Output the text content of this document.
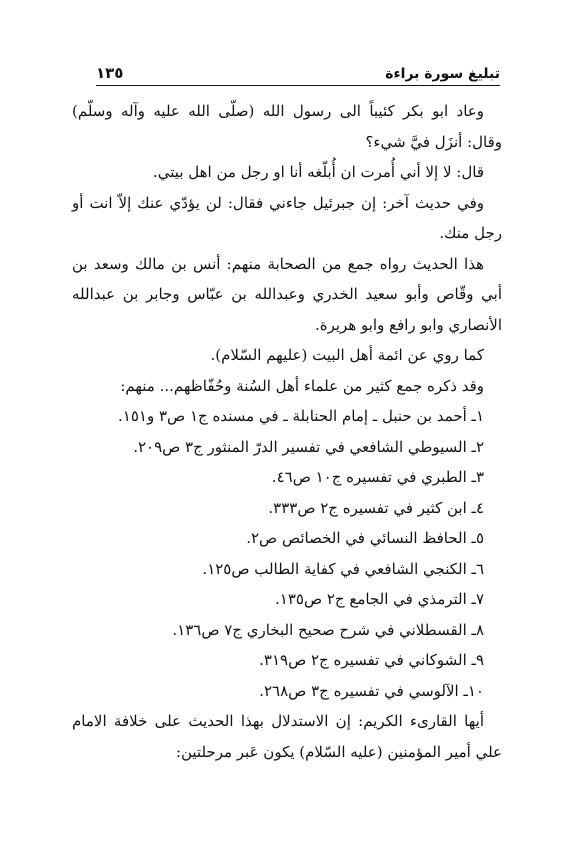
تبليغ سورة براءة
١٣٥

وعاد ابو بكر كئيباً الى رسول الله (صلّى الله عليه وآله وسلّم) وقال: أنزَل فيَّ شيء؟

قال: لا إلا أني أُمرت ان أُبلّغه أنا او رجل من اهل بيتي.

وفي حديث آخر: إن جبرئيل جاءني فقال: لن يؤدّي عنك إلاّ انت أو رجل منك.

هذا الحديث رواه جمع من الصحابة منهم: أنس بن مالك وسعد بن أبي وقّاص وأبو سعيد الخدري وعبدالله بن عبّاس وجابر بن عبدالله الأنصاري وابو رافع وابو هريرة.

كما روي عن ائمة أهل البيت (عليهم السّلام).

وقد ذكره جمع كثير من علماء أهل السُنة وحُفّاظهم... منهم:

١ـ أحمد بن حنبل ـ إمام الحنابلة ـ في مسنده ج١ ص٣ و١٥١.
٢ـ السيوطي الشافعي في تفسير الدرّ المنثور ج٣ ص٢٠٩.
٣ـ الطبري في تفسيره ج١٠ ص٤٦.
٤ـ ابن كثير في تفسيره ج٢ ص٣٣٣.
٥ـ الحافظ النسائي في الخصائص ص٢.
٦ـ الكنجي الشافعي في كفاية الطالب ص١٢٥.
٧ـ الترمذي في الجامع ج٢ ص١٣٥.
٨ـ القسطلاني في شرح صحيح البخاري ج٧ ص١٣٦.
٩ـ الشوكاني في تفسيره ج٢ ص٣١٩.
١٠ـ الآلوسي في تفسيره ج٣ ص٢٦٨.

أيها القارىء الكريم: إن الاستدلال بهذا الحديث على خلافة الامام علي أمير المؤمنين (عليه السّلام) يكون عَبر مرحلتين:
